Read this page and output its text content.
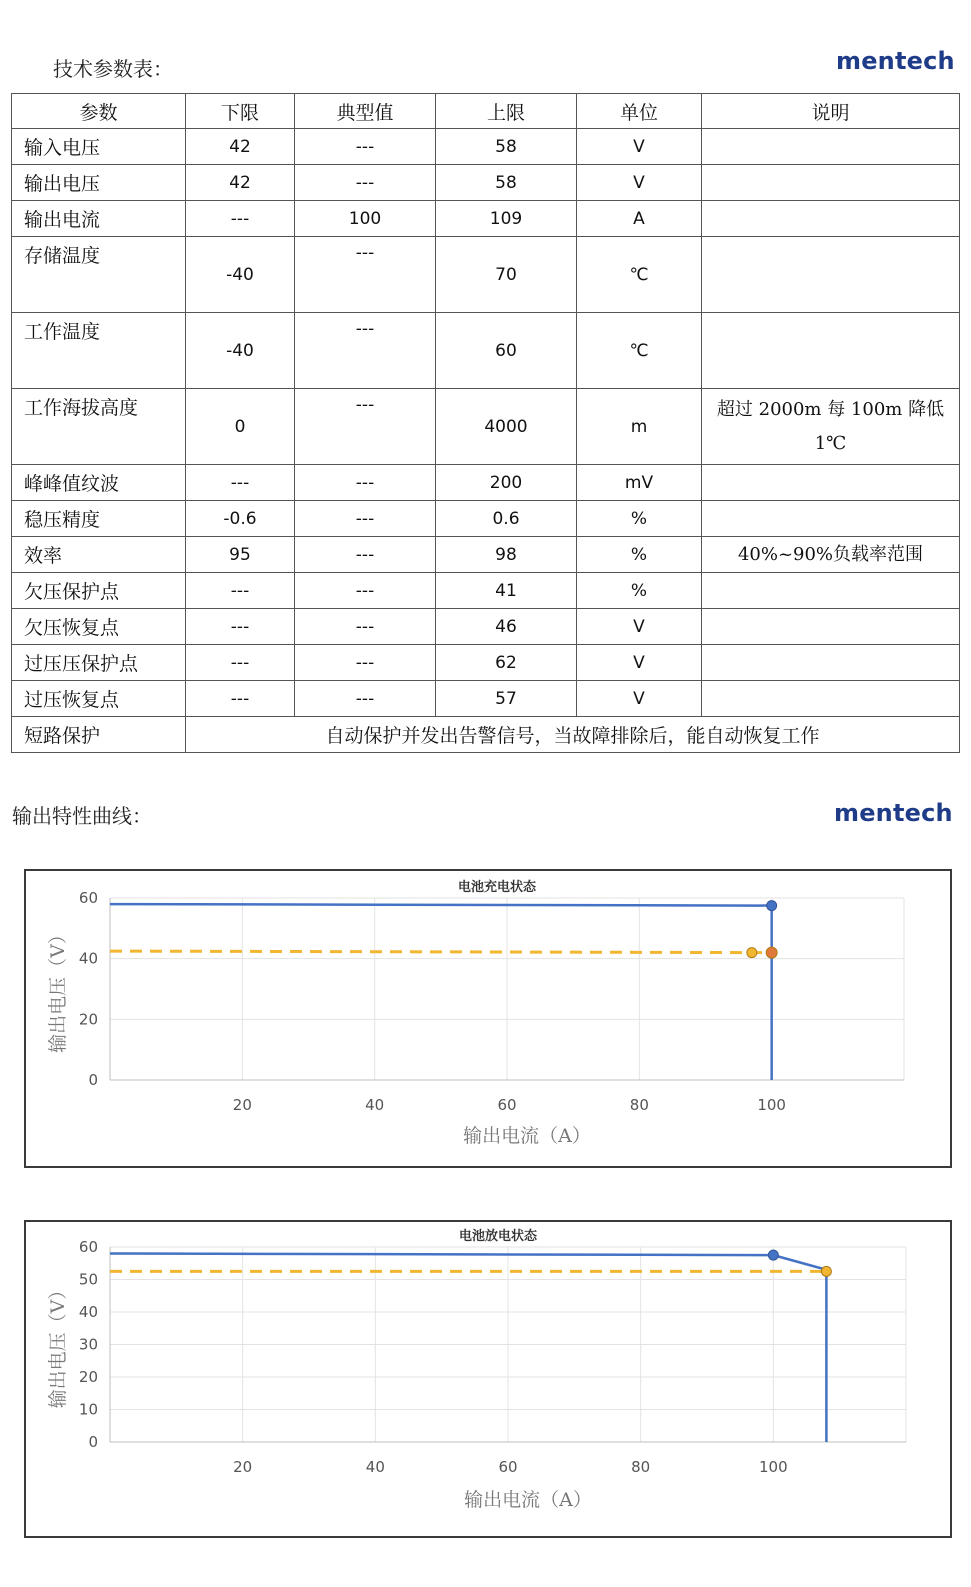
技术参数表：	mentech
参数	下限	典型值	上限	单位	说明
输入电压	42	---	58	V	
输出电压	42	---	58	V	
输出电流	---	100	109	A	
存储温度	-40	---	70	℃	
工作温度	-40	---	60	℃	
工作海拔高度	0	---	4000	m	超过 2000m 每 100m 降低 1℃
峰峰值纹波	---	---	200	mV	
稳压精度	-0.6	---	0.6	%	
效率	95	---	98	%	40%~90%负载率范围
欠压保护点	---	---	41	%	
欠压恢复点	---	---	46	V	
过压压保护点	---	---	62	V	
过压恢复点	---	---	57	V	
短路保护	自动保护并发出告警信号，当故障排除后，能自动恢复工作				
输出特性曲线：	mentech
电池充电状态
0
20
40
60
20	40	60	80	100
输出电流（A）
输出电压（V）
电池放电状态
0
10
20
30
40
50
60
20	40	60	80	100
输出电流（A）
输出电压（V）
